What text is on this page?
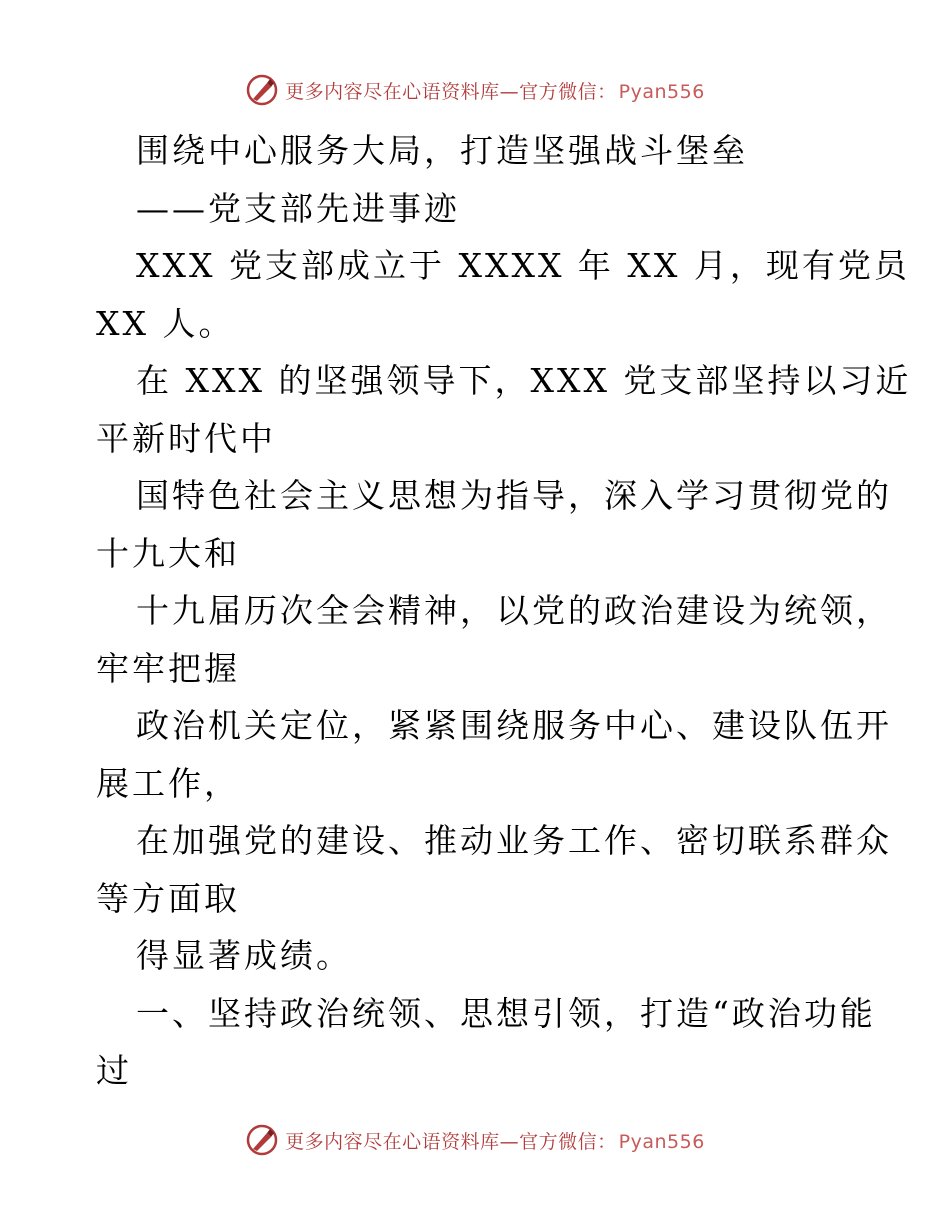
更多内容尽在心语资料库—官方微信： Pyan556
围绕中心服务大局，打造坚强战斗堡垒
——党支部先进事迹
XXX 党支部成立于 XXXX 年 XX 月，现有党员
XX 人。
在 XXX 的坚强领导下，XXX 党支部坚持以习近
平新时代中
国特色社会主义思想为指导，深入学习贯彻党的
十九大和
十九届历次全会精神，以党的政治建设为统领，
牢牢把握
政治机关定位，紧紧围绕服务中心、建设队伍开
展工作，
在加强党的建设、推动业务工作、密切联系群众
等方面取
得显著成绩。
一、坚持政治统领、思想引领，打造“政治功能
过
更多内容尽在心语资料库—官方微信： Pyan556
